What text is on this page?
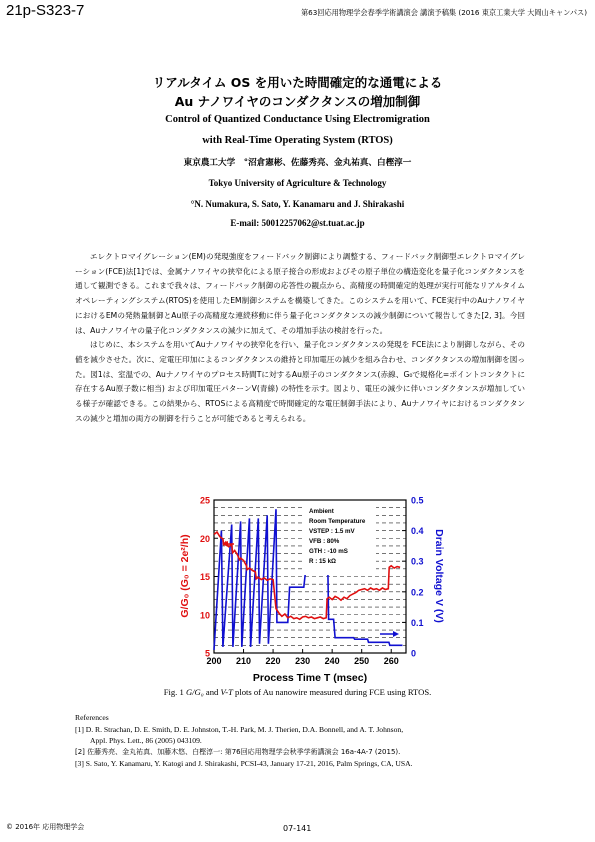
21p-S323-7	第63回応用物理学会春季学術講演会 講演予稿集 (2016 東京工業大学 大岡山キャンパス)
リアルタイム OS を用いた時間確定的な通電による
Au ナノワイヤのコンダクタンスの増加制御
Control of Quantized Conductance Using Electromigration
with Real-Time Operating System (RTOS)
東京農工大学　°沼倉憲彬、佐藤秀亮、金丸祐真、白樫淳一
Tokyo University of Agriculture & Technology
°N. Numakura, S. Sato, Y. Kanamaru and J. Shirakashi
E-mail: 50012257062@st.tuat.ac.jp

エレクトロマイグレーション(EM)の発現強度をフィードバック制御により調整する、フィードバック制御型エレクトロマイグレーション(FCE)法[1]では、金属ナノワイヤの狭窄化による原子接合の形成およびその原子単位の構造変化を量子化コンダクタンスを通して観測できる。これまで我々は、フィードバック制御の応答性の観点から、高精度の時間確定的処理が実行可能なリアルタイムオペレーティングシステム(RTOS)を使用したEM制御システムを構築してきた。このシステムを用いて、FCE実行中のAuナノワイヤにおけるEMの発熱量制御とAu原子の高精度な連続移動に伴う量子化コンダクタンスの減少制御について報告してきた[2, 3]。今回は、Auナノワイヤの量子化コンダクタンスの減少に加えて、その増加手法の検討を行った。

はじめに、本システムを用いてAuナノワイヤの狭窄化を行い、量子化コンダクタンスの発現を FCE法により制御しながら、その値を減少させた。次に、定電圧印加によるコンダクタンスの維持と印加電圧の減少を組み合わせ、コンダクタンスの増加制御を図った。図1は、室温での、Auナノワイヤのプロセス時間Tに対するAu原子のコンダクタンス(赤線、G₀で規格化=ポイントコンタクトに存在するAu原子数に相当) および印加電圧パターンV(青線) の特性を示す。図より、電圧の減少に伴いコンダクタンスが増加している様子が確認できる。この結果から、RTOSによる高精度で時間確定的な電圧制御手法により、Auナノワイヤにおけるコンダクタンスの減少と増加の両方の制御を行うことが可能であると考えられる。

200 210 220 230 240 250 260
5
10
15
20
25
0
0.1
0.2
0.3
0.4
0.5
Ambient
Room Temperature
VSTEP : 1.5 mV
VFB : 80%
GTH : -10 mS
R : 15 kΩ
Process Time T (msec)
G/G₀ (G₀ = 2e²/h)	Drain Voltage V (V)
Fig. 1 G/G₀ and V-T plots of Au nanowire measured during FCE using RTOS.
References
[1] D. R. Strachan, D. E. Smith, D. E. Johnston, T.-H. Park, M. J. Therien, D.A. Bonnell, and A. T. Johnson,
Appl. Phys. Lett., 86 (2005) 043109.
[2] 佐藤秀亮、金丸祐真、加藤木悠、白樫淳一: 第76回応用物理学会秋季学術講演会 16a-4A-7 (2015).
[3] S. Sato, Y. Kanamaru, Y. Katogi and J. Shirakashi, PCSI-43, January 17-21, 2016, Palm Springs, CA, USA.
© 2016年 応用物理学会	07-141
